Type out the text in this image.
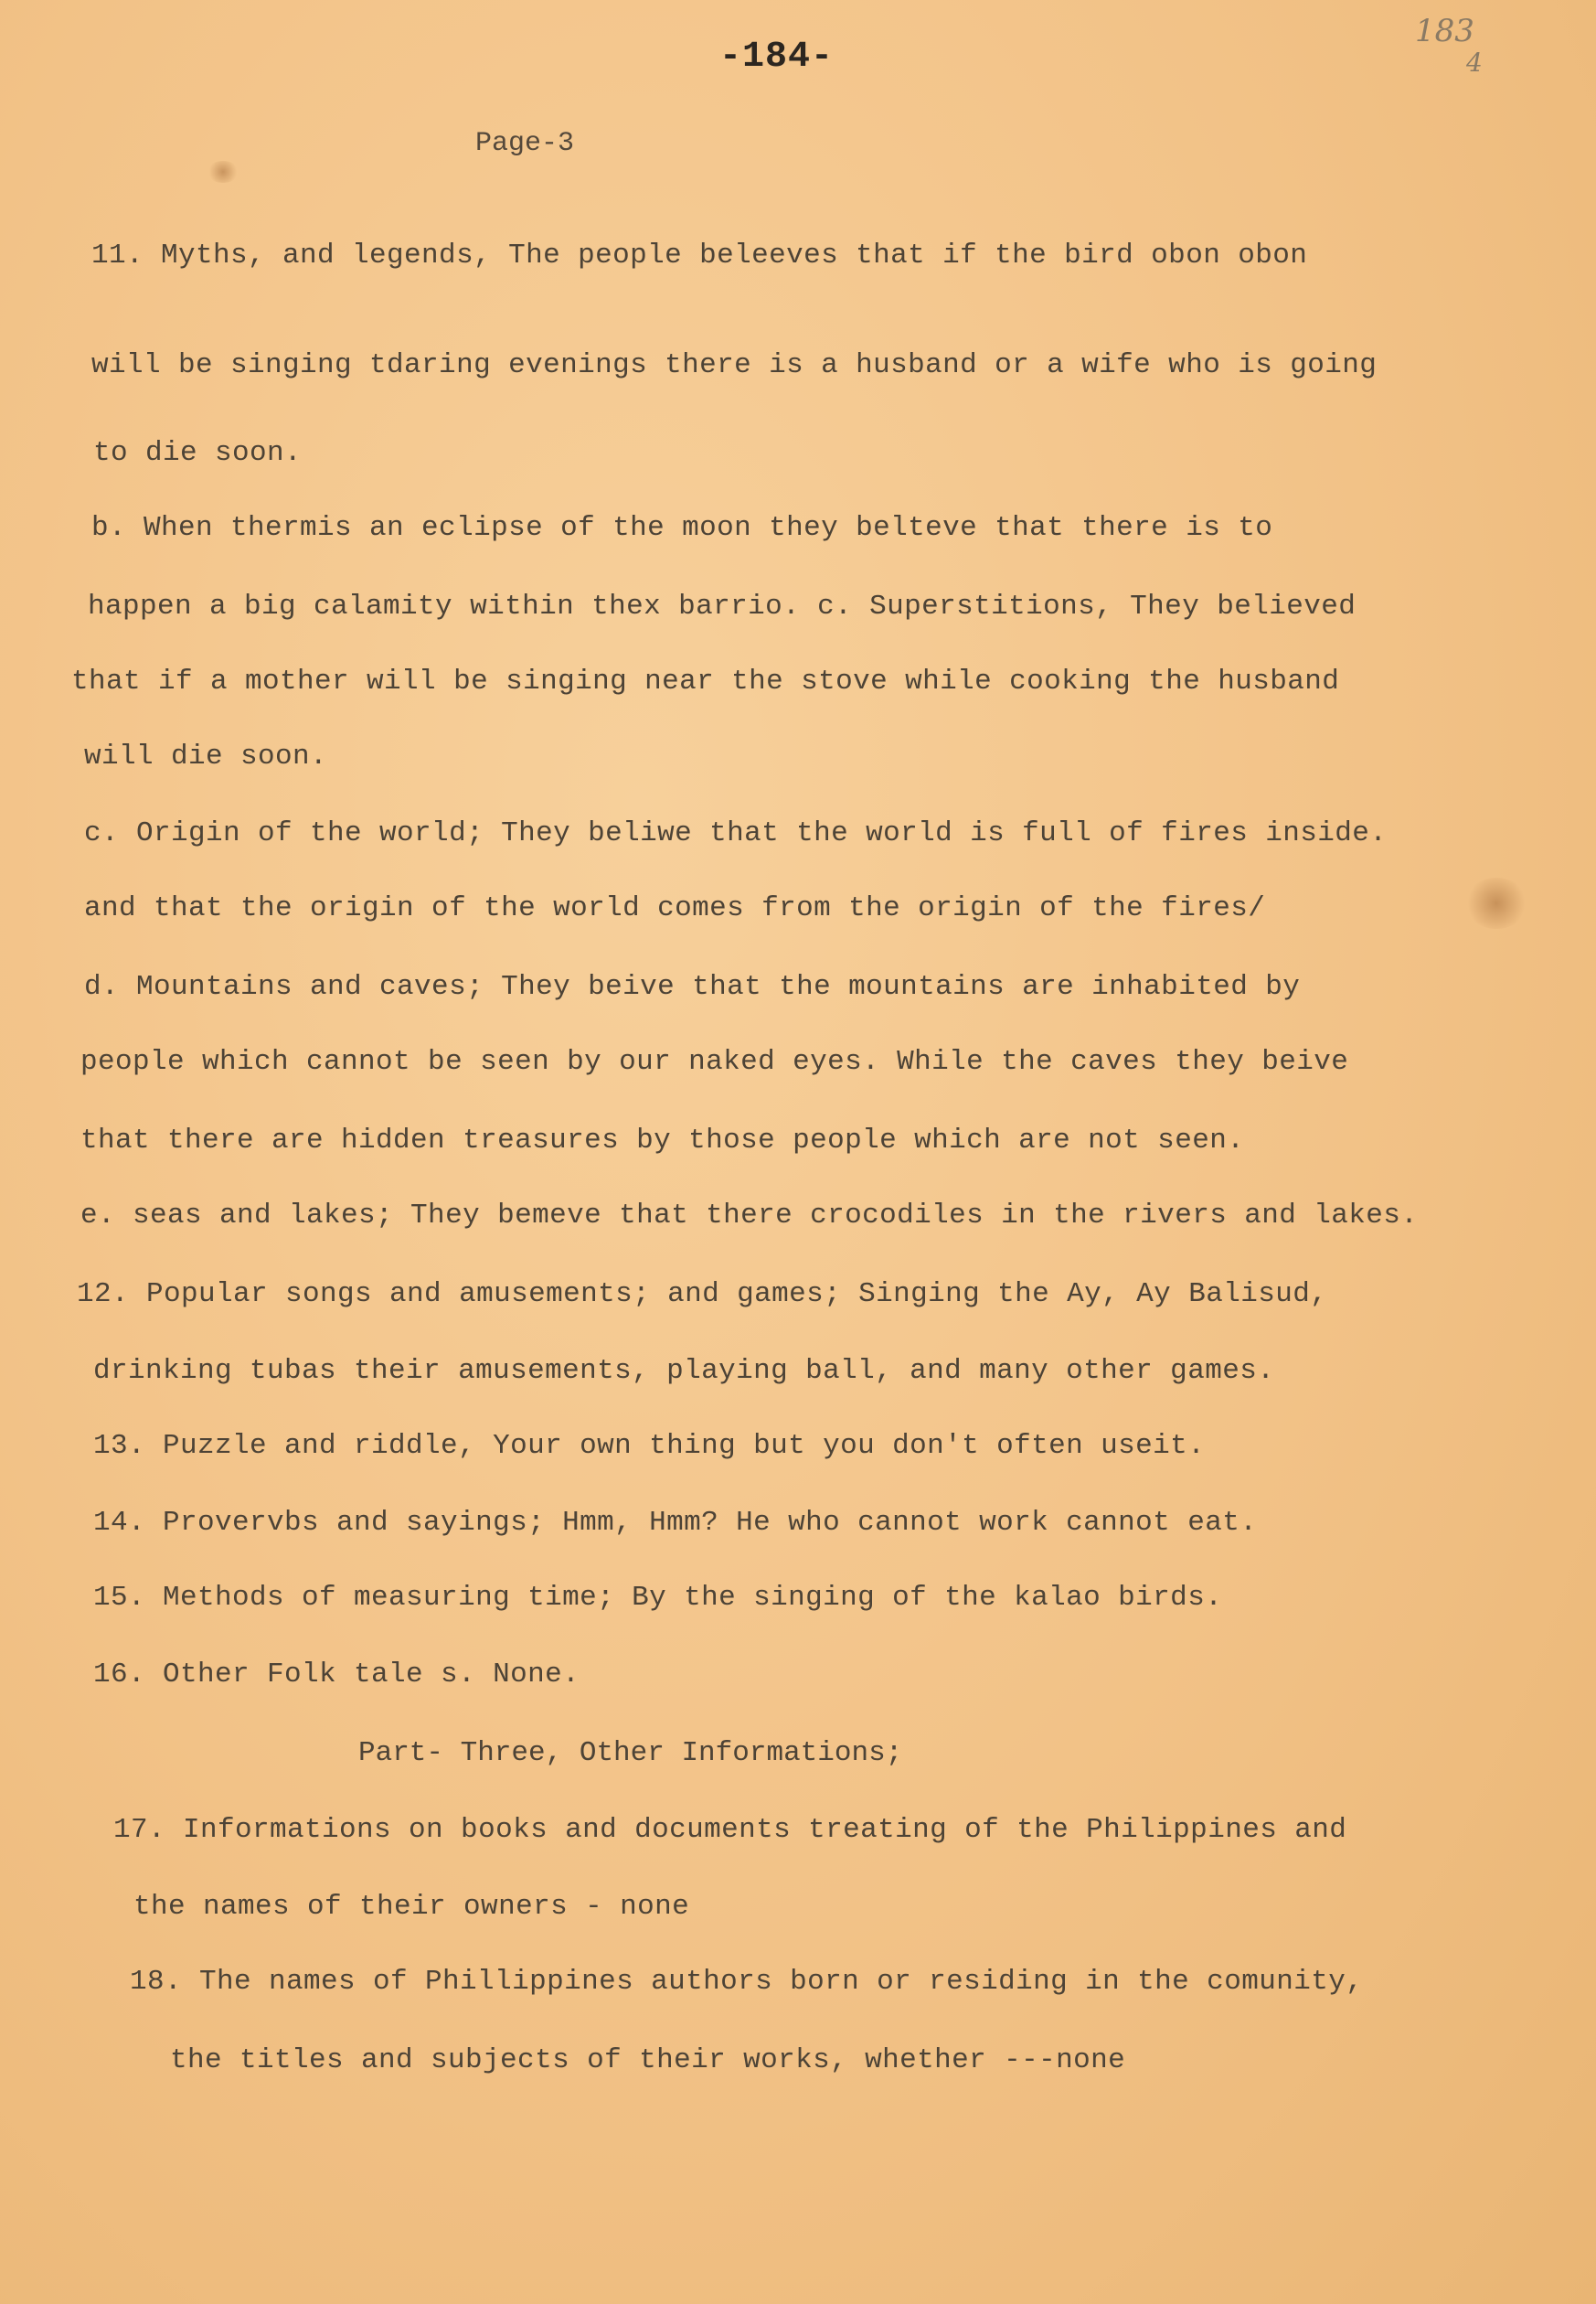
-184-
183
4
Page-3
11. Myths, and legends, The people beleeves that if the bird obon obon
will be singing tdaring evenings there is a husband or a wife who is going
to die soon.
b. When thermis an eclipse of the moon they belteve that there is to
happen a big calamity within thex barrio. c. Superstitions, They believed
that if a mother will be singing near the stove while cooking the husband
will die soon.
c. Origin of the world; They beliwe that the world is full of fires inside.
and that the origin of the world comes from the origin of the fires/
d. Mountains and caves; They beive that the mountains are inhabited by
people which cannot be seen by our naked eyes. While the caves they beive
that there are hidden treasures by those people which are not seen.
e. seas and lakes; They bemeve that there crocodiles in the rivers and lakes.
12. Popular songs and amusements; and games; Singing the Ay, Ay Balisud,
drinking tubas their amusements, playing ball, and many other games.
13. Puzzle and riddle, Your own thing but you don't often useit.
14. Provervbs and sayings; Hmm, Hmm? He who cannot work cannot eat.
15. Methods of measuring time; By the singing of the kalao birds.
16. Other Folk tale s. None.
Part- Three, Other Informations;
17. Informations on books and documents treating of the Philippines and
the names of their owners - none
18. The names of Phillippines authors born or residing in the comunity,
the titles and subjects of their works, whether ---none
